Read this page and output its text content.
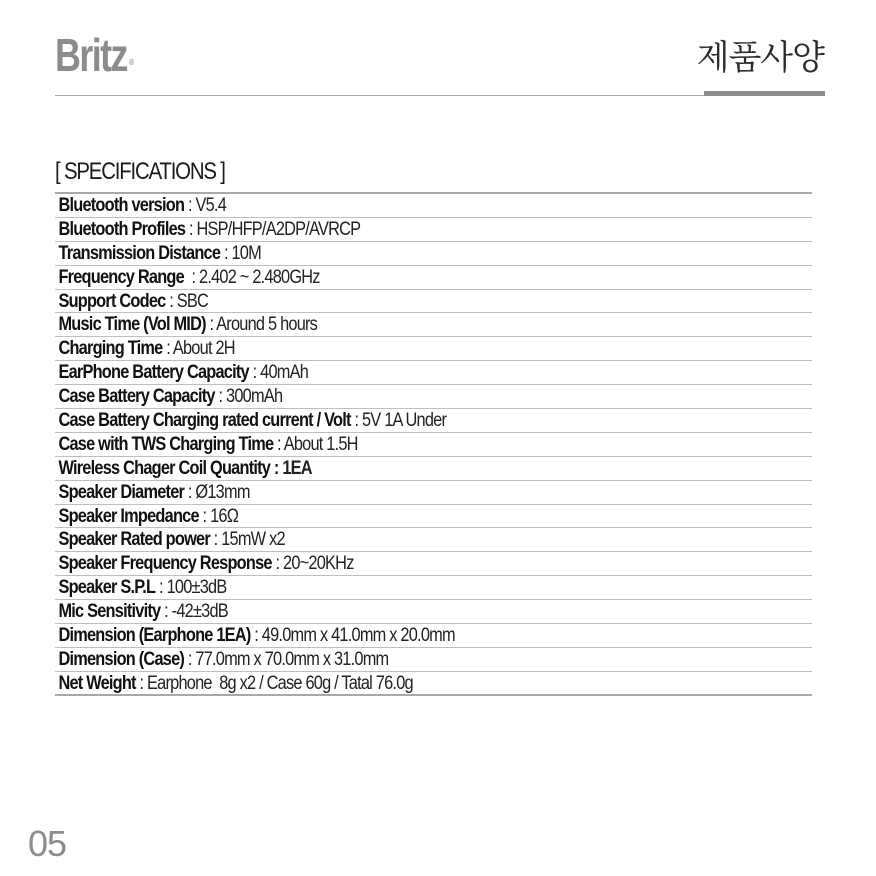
Britz ®	제품사양
[ SPECIFICATIONS ]
Bluetooth version : V5.4
Bluetooth Profiles : HSP/HFP/A2DP/AVRCP
Transmission Distance : 10M
Frequency Range  : 2.402 ~ 2.480GHz
Support Codec : SBC
Music Time (Vol MID) : Around 5 hours
Charging Time : About 2H
EarPhone Battery Capacity : 40mAh
Case Battery Capacity : 300mAh
Case Battery Charging rated current / Volt : 5V 1A Under
Case with TWS Charging Time : About 1.5H
Wireless Chager Coil Quantity : 1EA
Speaker Diameter : Ø13mm
Speaker Impedance : 16Ω
Speaker Rated power : 15mW x2
Speaker Frequency Response : 20~20KHz
Speaker S.P.L : 100±3dB
Mic Sensitivity : -42±3dB
Dimension (Earphone 1EA) : 49.0mm x 41.0mm x 20.0mm
Dimension (Case) : 77.0mm x 70.0mm x 31.0mm
Net Weight : Earphone  8g x2 / Case 60g / Tatal 76.0g
05
